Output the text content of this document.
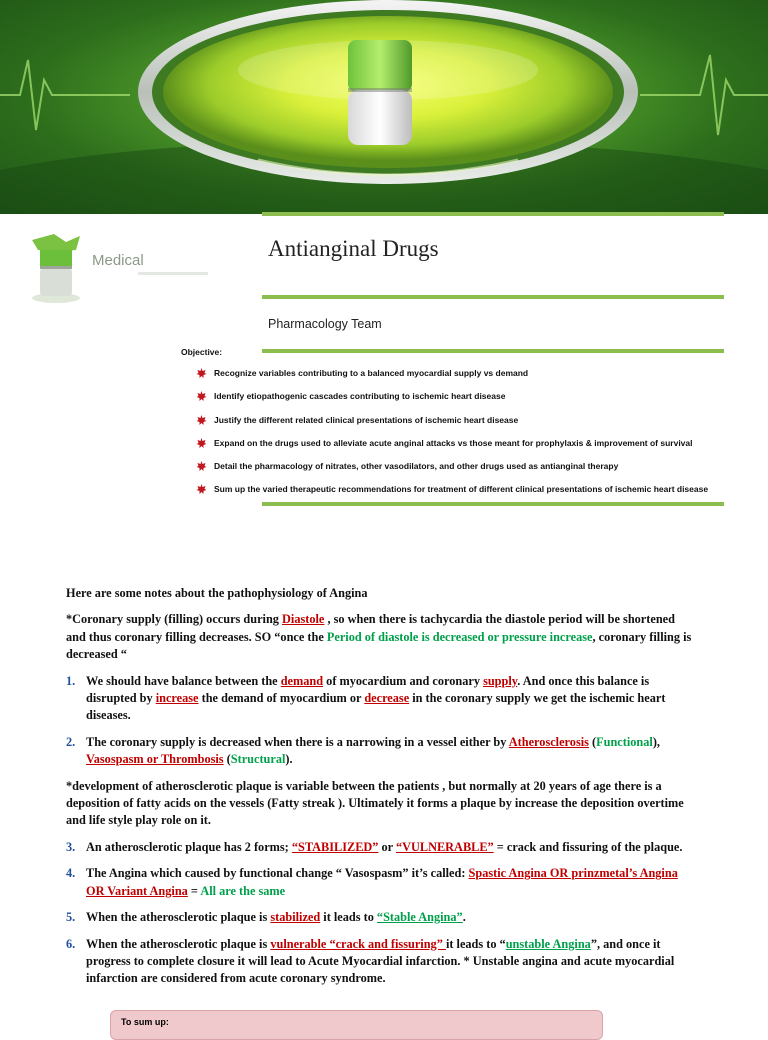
Medical	Antianginal Drugs
Pharmacology Team
Objective:
Recognize variables contributing to a balanced myocardial supply vs demand
Identify etiopathogenic cascades contributing to ischemic heart disease
Justify the different related clinical presentations of ischemic heart disease
Expand on the drugs used to alleviate acute anginal attacks vs those meant for prophylaxis & improvement of survival
Detail the pharmacology of nitrates, other vasodilators, and other drugs used as antianginal therapy
Sum up the varied therapeutic recommendations for treatment of different clinical presentations of ischemic heart disease

Here are some notes about the pathophysiology of Angina

*Coronary supply (filling) occurs during Diastole , so when there is tachycardia the diastole period will be shortened and thus coronary filling decreases. SO “once the Period of diastole is decreased or pressure increase, coronary filling is decreased “

1. We should have balance between the demand of myocardium and coronary supply. And once this balance is disrupted by increase the demand of myocardium or decrease in the coronary supply we get the ischemic heart diseases.
2. The coronary supply is decreased when there is a narrowing in a vessel either by Atherosclerosis (Functional), Vasospasm or Thrombosis (Structural).

*development of atherosclerotic plaque is variable between the patients , but normally at 20 years of age there is a deposition of fatty acids on the vessels (Fatty streak ). Ultimately it forms a plaque by increase the deposition overtime and life style play role on it.

3. An atherosclerotic plaque has 2 forms; “STABILIZED” or “VULNERABLE” = crack and fissuring of the plaque.
4. The Angina which caused by functional change “ Vasospasm” it’s called: Spastic Angina OR prinzmetal’s Angina OR Variant Angina = All are the same
5. When the atherosclerotic plaque is stabilized it leads to “Stable Angina”.
6. When the atherosclerotic plaque is vulnerable “crack and fissuring” it leads to “unstable Angina”, and once it progress to complete closure it will lead to Acute Myocardial infarction. * Unstable angina and acute myocardial infarction are considered from acute coronary syndrome.
To sum up:
